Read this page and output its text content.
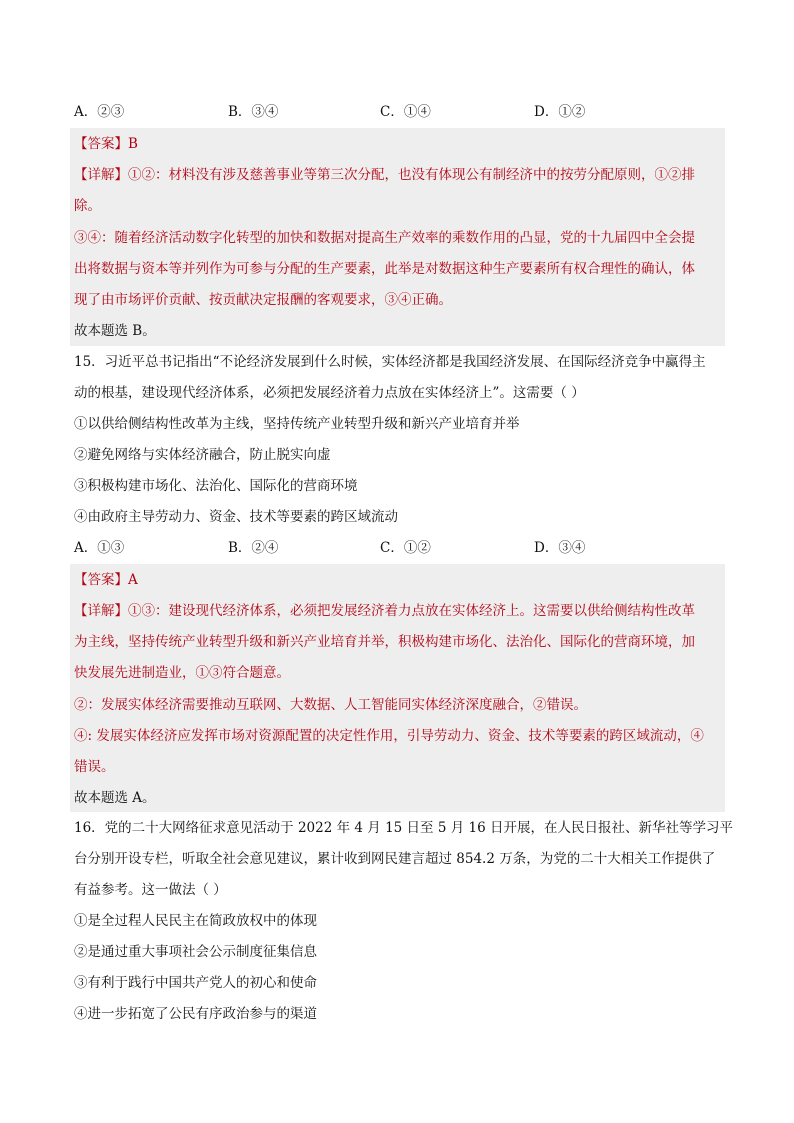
A．②③	B．③④	C．①④	D．①②
【答案】B
【详解】①②：材料没有涉及慈善事业等第三次分配，也没有体现公有制经济中的按劳分配原则，①②排
除。
③④：随着经济活动数字化转型的加快和数据对提高生产效率的乘数作用的凸显，党的十九届四中全会提
出将数据与资本等并列作为可参与分配的生产要素，此举是对数据这种生产要素所有权合理性的确认，体
现了由市场评价贡献、按贡献决定报酬的客观要求，③④正确。
故本题选 B。
15．习近平总书记指出“不论经济发展到什么时候，实体经济都是我国经济发展、在国际经济竞争中赢得主
动的根基，建设现代经济体系，必须把发展经济着力点放在实体经济上”。这需要（ ）
①以供给侧结构性改革为主线，坚持传统产业转型升级和新兴产业培育并举
②避免网络与实体经济融合，防止脱实向虚
③积极构建市场化、法治化、国际化的营商环境
④由政府主导劳动力、资金、技术等要素的跨区域流动
A．①③	B．②④	C．①②	D．③④
【答案】A
【详解】①③：建设现代经济体系，必须把发展经济着力点放在实体经济上。这需要以供给侧结构性改革
为主线，坚持传统产业转型升级和新兴产业培育并举，积极构建市场化、法治化、国际化的营商环境，加
快发展先进制造业，①③符合题意。
②：发展实体经济需要推动互联网、大数据、人工智能同实体经济深度融合，②错误。
④: 发展实体经济应发挥市场对资源配置的决定性作用，引导劳动力、资金、技术等要素的跨区域流动，④
错误。
故本题选 A。
16．党的二十大网络征求意见活动于 2022 年 4 月 15 日至 5 月 16 日开展，在人民日报社、新华社等学习平
台分别开设专栏，听取全社会意见建议，累计收到网民建言超过 854.2 万条，为党的二十大相关工作提供了
有益参考。这一做法（ ）
①是全过程人民民主在简政放权中的体现
②是通过重大事项社会公示制度征集信息
③有利于践行中国共产党人的初心和使命
④进一步拓宽了公民有序政治参与的渠道
